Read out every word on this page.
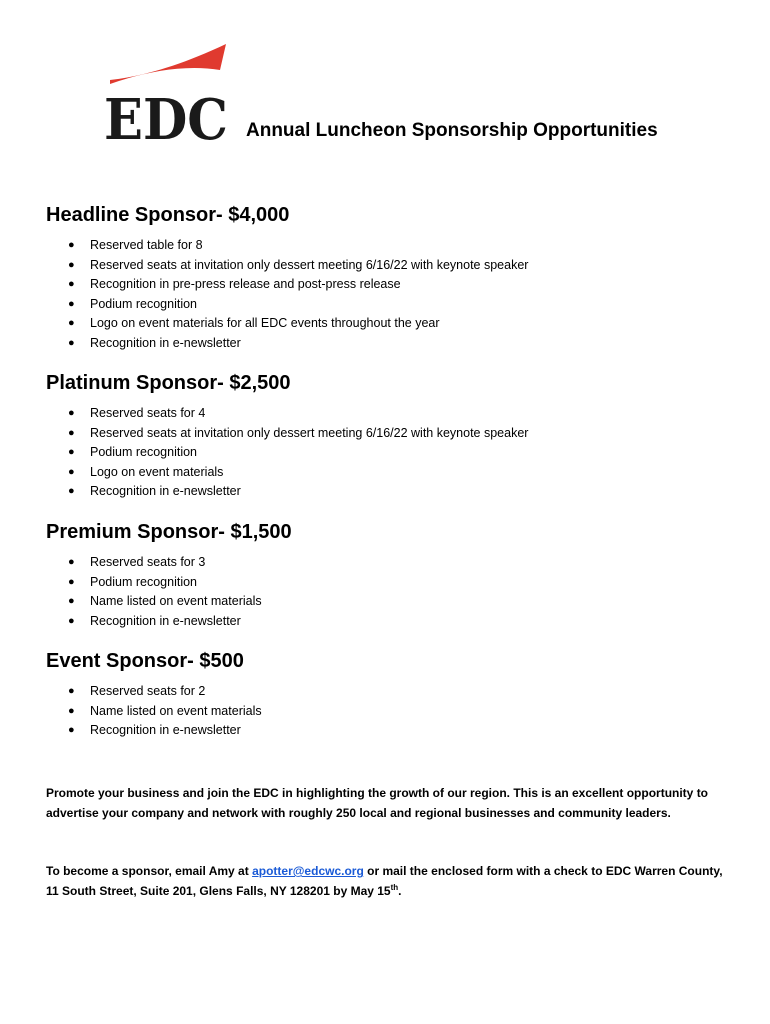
EDC Annual Luncheon Sponsorship Opportunities
Headline Sponsor- $4,000
● Reserved table for 8
● Reserved seats at invitation only dessert meeting 6/16/22 with keynote speaker
● Recognition in pre-press release and post-press release
● Podium recognition
● Logo on event materials for all EDC events throughout the year
● Recognition in e-newsletter
Platinum Sponsor- $2,500
● Reserved seats for 4
● Reserved seats at invitation only dessert meeting 6/16/22 with keynote speaker
● Podium recognition
● Logo on event materials
● Recognition in e-newsletter
Premium Sponsor- $1,500
● Reserved seats for 3
● Podium recognition
● Name listed on event materials
● Recognition in e-newsletter
Event Sponsor- $500
● Reserved seats for 2
● Name listed on event materials
● Recognition in e-newsletter
Promote your business and join the EDC in highlighting the growth of our region. This is an excellent opportunity to advertise your company and network with roughly 250 local and regional businesses and community leaders.
To become a sponsor, email Amy at apotter@edcwc.org or mail the enclosed form with a check to EDC Warren County, 11 South Street, Suite 201, Glens Falls, NY 128201 by May 15th.
